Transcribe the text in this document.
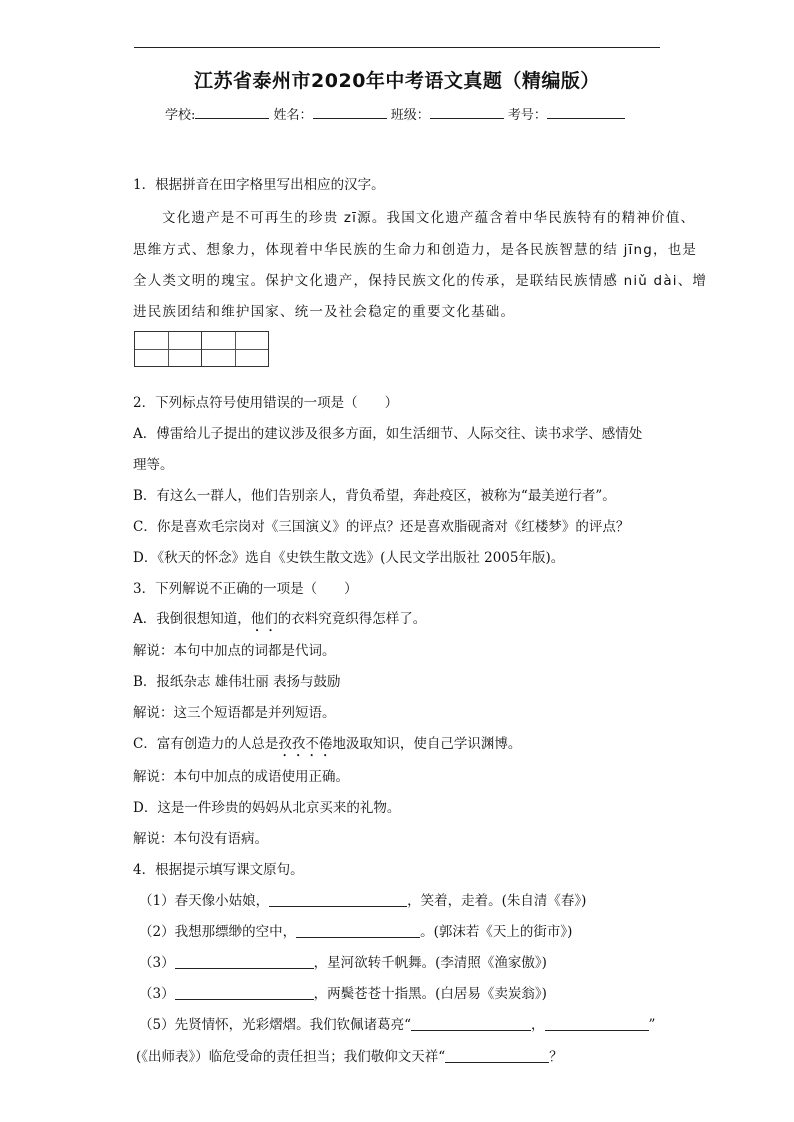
江苏省泰州市2020年中考语文真题（精编版）
学校:	姓名：	班级：	考号：
1．根据拼音在田字格里写出相应的汉字。
文化遗产是不可再生的珍贵 zī源。我国文化遗产蕴含着中华民族特有的精神价值、
思维方式、想象力，体现着中华民族的生命力和创造力，是各民族智慧的结 jīng，也是
全人类文明的瑰宝。保护文化遗产，保持民族文化的传承，是联结民族情感 niǔ dài、增
进民族团结和维护国家、统一及社会稳定的重要文化基础。
2．下列标点符号使用错误的一项是（　　）
A．傅雷给儿子提出的建议涉及很多方面，如生活细节、人际交往、读书求学、感情处
理等。
B．有这么一群人，他们告别亲人，背负希望，奔赴疫区，被称为“最美逆行者”。
C．你是喜欢毛宗岗对《三国演义》的评点？还是喜欢脂砚斋对《红楼梦》的评点？
D．《秋天的怀念》选自《史铁生散文选》(人民文学出版社 2005年版)。
3．下列解说不正确的一项是（　　）
A．我倒很想知道，他们的衣料究竟织得怎样了。
解说：本句中加点的词都是代词。
B．报纸杂志 雄伟壮丽 表扬与鼓励
解说：这三个短语都是并列短语。
C．富有创造力的人总是孜孜不倦地汲取知识，使自己学识渊博。
解说：本句中加点的成语使用正确。
D．这是一件珍贵的妈妈从北京买来的礼物。
解说：本句没有语病。
4．根据提示填写课文原句。
（1）春天像小姑娘，	，笑着，走着。(朱自清《春》)
（2）我想那缥缈的空中，	。(郭沫若《天上的街市》)
（3）	，星河欲转千帆舞。(李清照《渔家傲》)
（3）	，两鬓苍苍十指黑。(白居易《卖炭翁》)
（5）先贤情怀，光彩熠熠。我们钦佩诸葛亮“	，	”
(《出师表》）临危受命的责任担当；我们敬仰文天祥“	？
